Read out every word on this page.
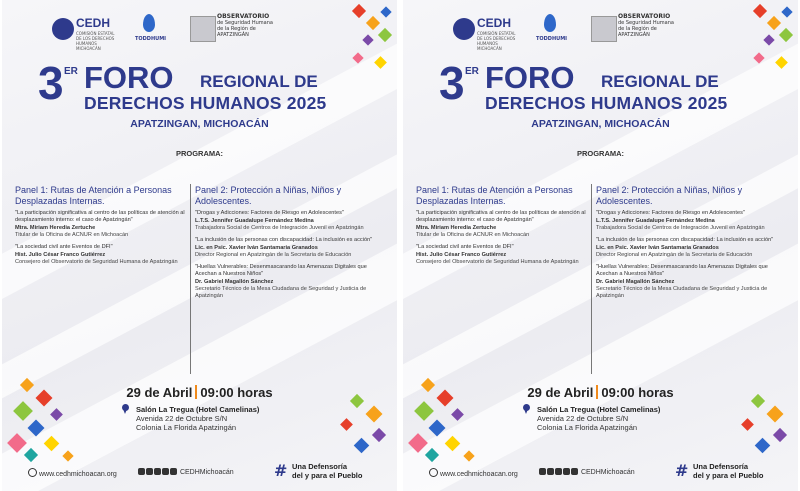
CEDH
COMISIÓN ESTATAL DE LOS DERECHOS HUMANOS MICHOACÁN
TODDHUMI
OBSERVATORIO
de Seguridad Humana de la Región de APATZINGÁN
3 ER FORO REGIONAL DE
DERECHOS HUMANOS 2025
APATZINGAN, MICHOACÁN
PROGRAMA:
Panel 1: Rutas de Atención a Personas Desplazadas Internas.

"La participación significativa al centro de las políticas de atención al desplazamiento interno: el caso de Apatzingán"

Mtra. Miriam Heredia Zertuche

Titular de la Oficina de ACNUR en Michoacán

"La sociedad civil ante Eventos de DFI"

Hist. Julio César Franco Gutiérrez

Consejero del Observatorio de Seguridad Humana de Apatzingán

Panel 2: Protección a Niñas, Niños y Adolescentes.

"Drogas y Adicciones: Factores de Riesgo en Adolescentes"

L.T.S. Jennifer Guadalupe Fernández Medina

Trabajadora Social de Centros de Integración Juvenil en Apatzingán

"La inclusión de las personas con discapacidad: La inclusión es acción"

Lic. en Psic. Xavier Iván Santamaria Granados

Director Regional en Apatzingán de la Secretaria de Educación

"Huellas Vulnerables: Desenmascarando las Amenazas Digitales que Acechan a Nuestros Niños"

Dr. Gabriel Magallón Sánchez

Secretario Técnico de la Mesa Ciudadana de Seguridad y Justicia de Apatzingán

29 de Abril 09:00 horas
Salón La Tregua (Hotel Camelinas)
Avenida 22 de Octubre S/N
Colonia La Florida Apatzingán
www.cedhmichoacan.org	CEDHMichoacán	# Una Defensoría
del y para el Pueblo
CEDH
COMISIÓN ESTATAL DE LOS DERECHOS HUMANOS MICHOACÁN
TODDHUMI
OBSERVATORIO
de Seguridad Humana de la Región de APATZINGÁN
3 ER FORO REGIONAL DE
DERECHOS HUMANOS 2025
APATZINGAN, MICHOACÁN
PROGRAMA:
Panel 1: Rutas de Atención a Personas Desplazadas Internas.

"La participación significativa al centro de las políticas de atención al desplazamiento interno: el caso de Apatzingán"

Mtra. Miriam Heredia Zertuche

Titular de la Oficina de ACNUR en Michoacán

"La sociedad civil ante Eventos de DFI"

Hist. Julio César Franco Gutiérrez

Consejero del Observatorio de Seguridad Humana de Apatzingán

Panel 2: Protección a Niñas, Niños y Adolescentes.

"Drogas y Adicciones: Factores de Riesgo en Adolescentes"

L.T.S. Jennifer Guadalupe Fernández Medina

Trabajadora Social de Centros de Integración Juvenil en Apatzingán

"La inclusión de las personas con discapacidad: La inclusión es acción"

Lic. en Psic. Xavier Iván Santamaria Granados

Director Regional en Apatzingán de la Secretaria de Educación

"Huellas Vulnerables: Desenmascarando las Amenazas Digitales que Acechan a Nuestros Niños"

Dr. Gabriel Magallón Sánchez

Secretario Técnico de la Mesa Ciudadana de Seguridad y Justicia de Apatzingán

29 de Abril 09:00 horas
Salón La Tregua (Hotel Camelinas)
Avenida 22 de Octubre S/N
Colonia La Florida Apatzingán
www.cedhmichoacan.org	CEDHMichoacán	# Una Defensoría
del y para el Pueblo
